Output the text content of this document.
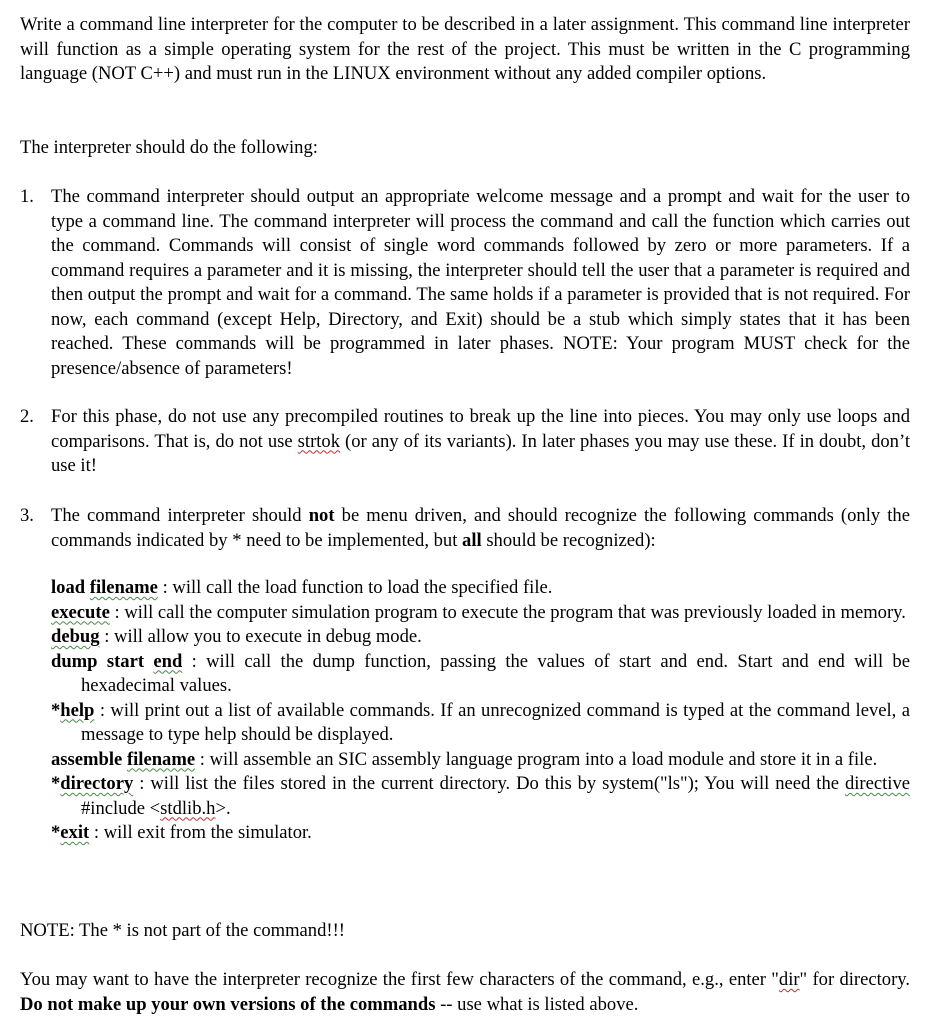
Write a command line interpreter for the computer to be described in a later assignment. This command line interpreter will function as a simple operating system for the rest of the project. This must be written in the C programming language (NOT C++) and must run in the LINUX environment without any added compiler options.

The interpreter should do the following:

1. The command interpreter should output an appropriate welcome message and a prompt and wait for the user to type a command line. The command interpreter will process the command and call the function which carries out the command. Commands will consist of single word commands followed by zero or more parameters. If a command requires a parameter and it is missing, the interpreter should tell the user that a parameter is required and then output the prompt and wait for a command. The same holds if a parameter is provided that is not required. For now, each command (except Help, Directory, and Exit) should be a stub which simply states that it has been reached. These commands will be programmed in later phases. NOTE: Your program MUST check for the presence/absence of parameters!

2. For this phase, do not use any precompiled routines to break up the line into pieces. You may only use loops and comparisons. That is, do not use strtok (or any of its variants). In later phases you may use these. If in doubt, don’t use it!

3. The command interpreter should not be menu driven, and should recognize the following commands (only the commands indicated by * need to be implemented, but all should be recognized):

load filename : will call the load function to load the specified file.

execute : will call the computer simulation program to execute the program that was previously loaded in memory.

debug : will allow you to execute in debug mode.

dump start end : will call the dump function, passing the values of start and end. Start and end will be hexadecimal values.

*help : will print out a list of available commands. If an unrecognized command is typed at the command level, a message to type help should be displayed.

assemble filename : will assemble an SIC assembly language program into a load module and store it in a file.

*directory : will list the files stored in the current directory. Do this by system("ls"); You will need the directive #include <stdlib.h>.

*exit : will exit from the simulator.

NOTE: The * is not part of the command!!!

You may want to have the interpreter recognize the first few characters of the command, e.g., enter "dir" for directory. Do not make up your own versions of the commands -- use what is listed above.
